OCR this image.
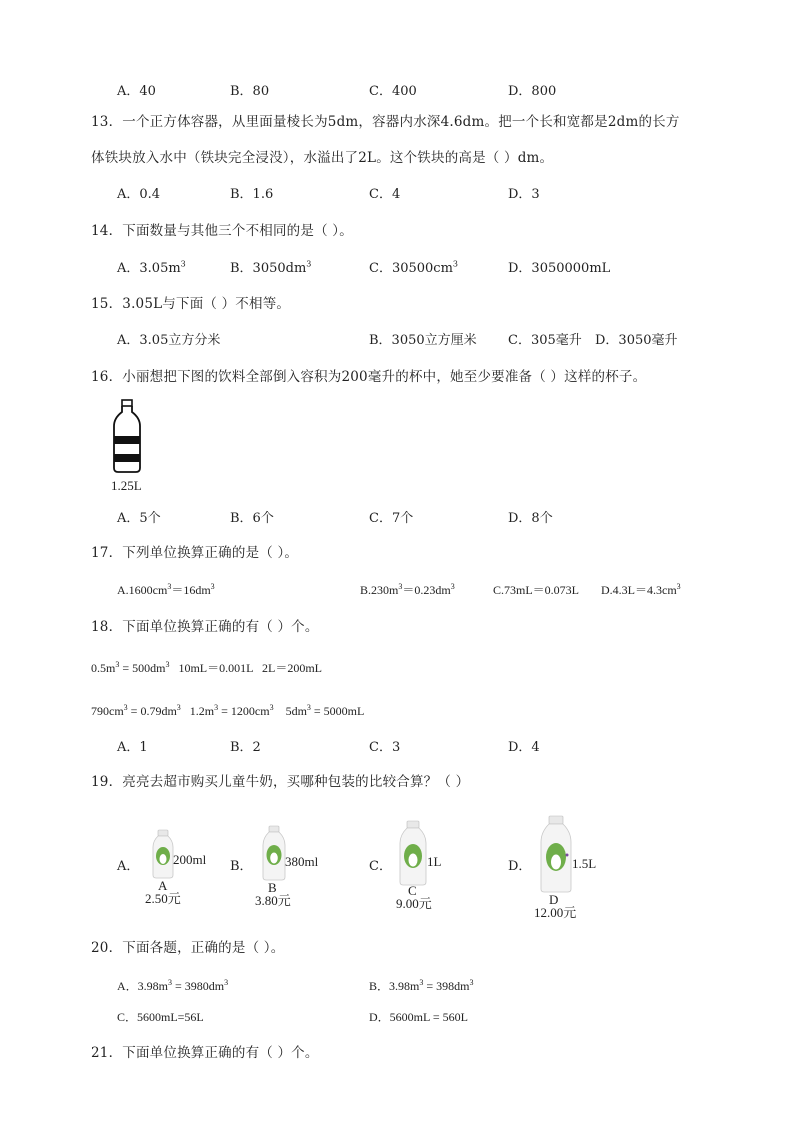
A．40	B．80	C．400	D．800
13．一个正方体容器，从里面量棱长为5dm，容器内水深4.6dm。把一个长和宽都是2dm的长方
体铁块放入水中（铁块完全浸没），水溢出了2L。这个铁块的高是（ ）dm。
A．0.4	B．1.6	C．4	D．3
14．下面数量与其他三个不相同的是（ ）。
A．$3.05m^3$	B．$3050dm^3$	C．$30500cm^3$	D．3050000mL
15．3.05L与下面（ ）不相等。
A．3.05立方分米	B．3050立方厘米 C．305毫升 D．3050毫升
16．小丽想把下图的饮料全部倒入容积为200毫升的杯中，她至少要准备（ ）这样的杯子。
1.25L
A．5个	B．6个	C．7个	D．8个
17．下列单位换算正确的是（ ）。
$A.1600cm^3=16dm^3$	$B.230m^3=0.23dm^3$	C.73mL＝0.073L $D.4.3L=4.3cm^3$
18．下面单位换算正确的有（ ）个。
$0.5m^3 = 500dm^3$   10mL＝0.001L   2L＝200mL
$790cm^3 = 0.79dm^3$   $1.2m^3 = 1200cm^3$    $5dm^3 = 5000mL$
A．1	B．2	C．3	D．4
19．亮亮去超市购买儿童牛奶，买哪种包装的比较合算？（ ）
A．	200ml
A
2.50元
B． 380ml
B
3.80元
C．	1L
C
9.00元
D．	1.5L
D
12.00元
20．下面各题，正确的是（ ）。
A．$3.98m^3 = 3980dm^3$	B．$3.98m^3 = 398dm^3$
C．5600mL=56L	D．5600mL = 560L
21．下面单位换算正确的有（ ）个。
